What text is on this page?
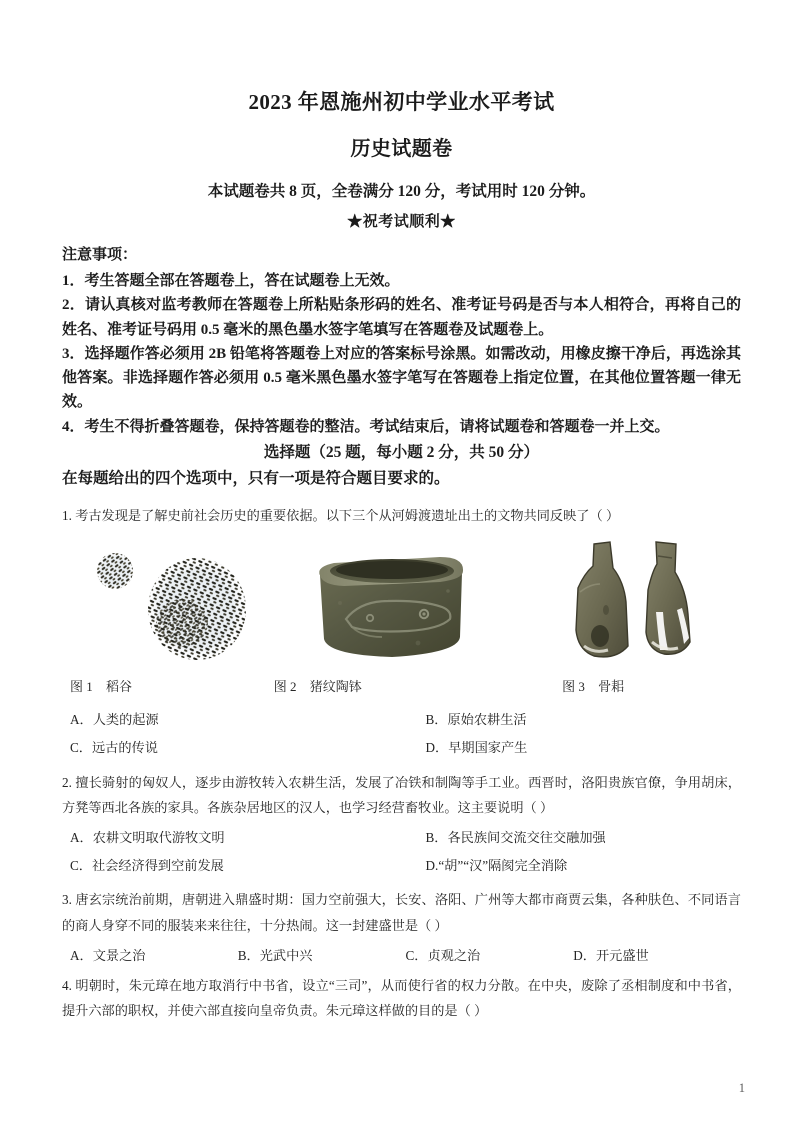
2023 年恩施州初中学业水平考试
历史试题卷

本试题卷共 8 页，全卷满分 120 分，考试用时 120 分钟。

★祝考试顺利★

注意事项：

1．考生答题全部在答题卷上，答在试题卷上无效。

2．请认真核对监考教师在答题卷上所粘贴条形码的姓名、准考证号码是否与本人相符合，再将自己的姓名、准考证号码用 0.5 毫米的黑色墨水签字笔填写在答题卷及试题卷上。

3．选择题作答必须用 2B 铅笔将答题卷上对应的答案标号涂黑。如需改动，用橡皮擦干净后，再选涂其他答案。非选择题作答必须用 0.5 毫米黑色墨水签字笔写在答题卷上指定位置，在其他位置答题一律无效。

4．考生不得折叠答题卷，保持答题卷的整洁。考试结束后，请将试题卷和答题卷一并上交。

选择题（25 题，每小题 2 分，共 50 分）

在每题给出的四个选项中，只有一项是符合题目要求的。

1. 考古发现是了解史前社会历史的重要依据。以下三个从河姆渡遗址出土的文物共同反映了（ ）

图 1 稻谷	图 2 猪纹陶钵	图 3 骨耜
A．人类的起源	B．原始农耕生活
C．远古的传说	D．早期国家产生

2. 擅长骑射的匈奴人，逐步由游牧转入农耕生活，发展了冶铁和制陶等手工业。西晋时，洛阳贵族官僚，争用胡床，方凳等西北各族的家具。各族杂居地区的汉人，也学习经营畜牧业。这主要说明（ ）

A．农耕文明取代游牧文明	B．各民族间交流交往交融加强
C．社会经济得到空前发展	D.“胡”“汉”隔阂完全消除

3. 唐玄宗统治前期，唐朝进入鼎盛时期：国力空前强大，长安、洛阳、广州等大都市商贾云集，各种肤色、不同语言的商人身穿不同的服装来来往往，十分热闹。这一封建盛世是（ ）

A．文景之治	B．光武中兴	C．贞观之治	D．开元盛世

4. 明朝时，朱元璋在地方取消行中书省，设立“三司”，从而使行省的权力分散。在中央，废除了丞相制度和中书省，提升六部的职权，并使六部直接向皇帝负责。朱元璋这样做的目的是（ ）

1
